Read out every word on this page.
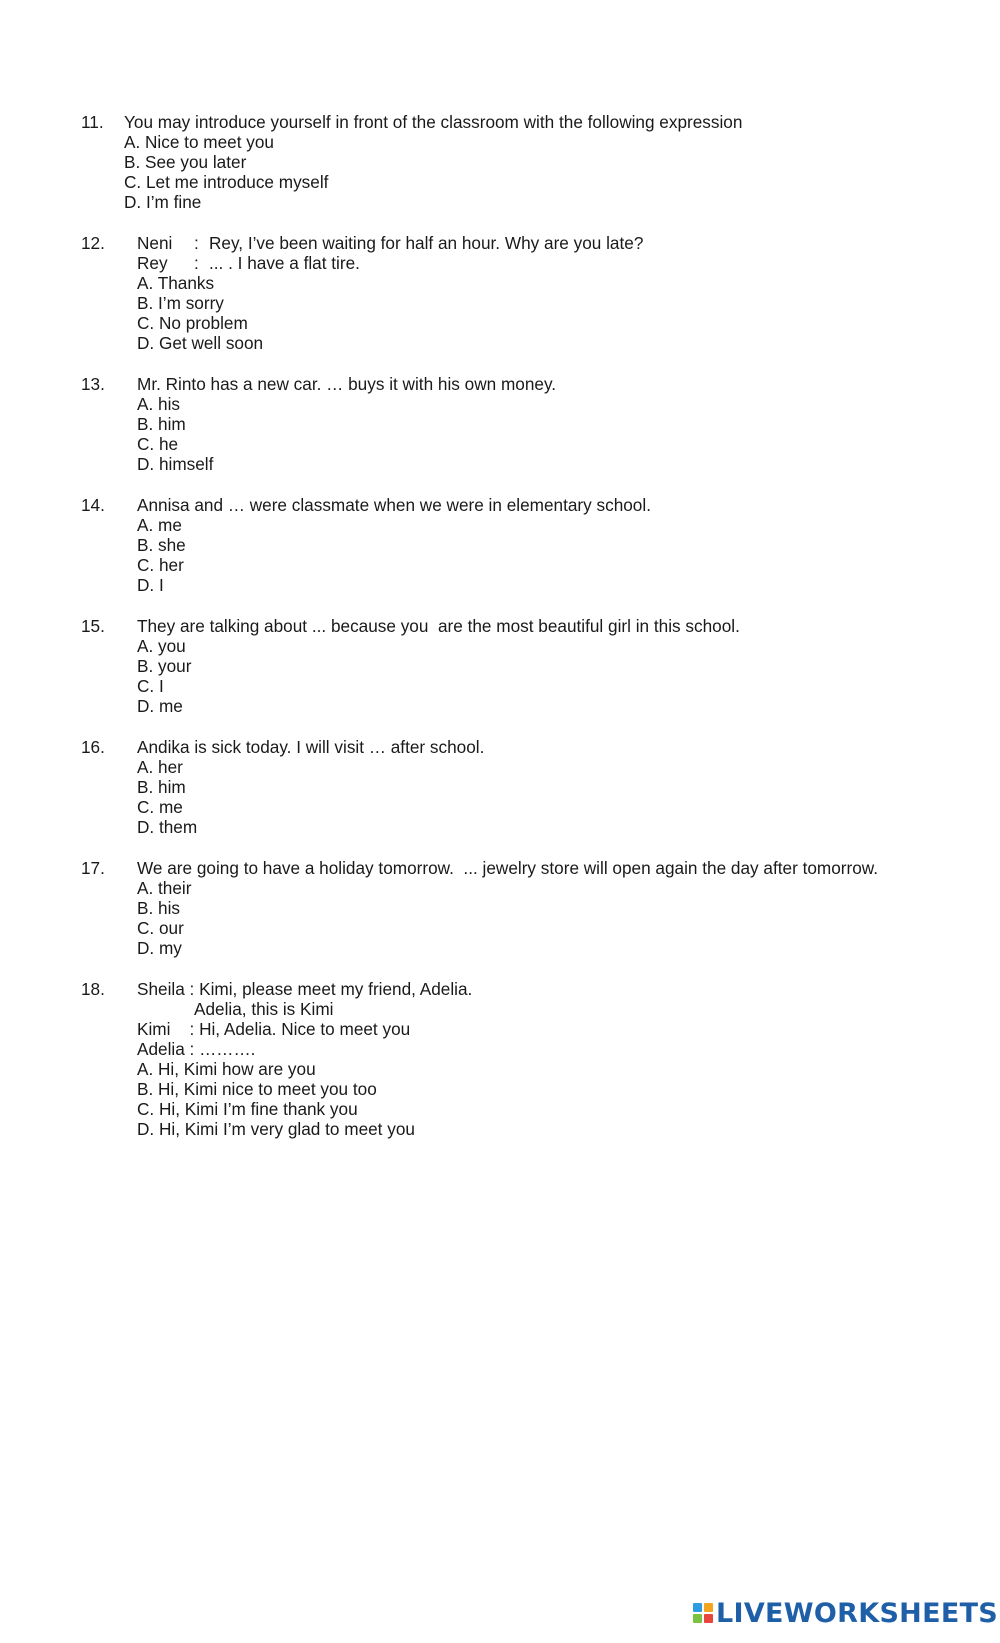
11. You may introduce yourself in front of the classroom with the following expression
A. Nice to meet you
B. See you later
C. Let me introduce myself
D. I’m fine
12. Neni : Rey, I’ve been waiting for half an hour. Why are you late?
Rey : ... . I have a flat tire.
A. Thanks
B. I’m sorry
C. No problem
D. Get well soon
13. Mr. Rinto has a new car. … buys it with his own money.
A. his
B. him
C. he
D. himself
14. Annisa and … were classmate when we were in elementary school.
A. me
B. she
C. her
D. I
15. They are talking about ... because you  are the most beautiful girl in this school.
A. you
B. your
C. I
D. me
16. Andika is sick today. I will visit … after school.
A. her
B. him
C. me
D. them
17. We are going to have a holiday tomorrow.  ... jewelry store will open again the day after tomorrow.
A. their
B. his
C. our
D. my
18. Sheila : Kimi, please meet my friend, Adelia.
Adelia, this is Kimi
Kimi    : Hi, Adelia. Nice to meet you
Adelia : ……….
A. Hi, Kimi how are you
B. Hi, Kimi nice to meet you too
C. Hi, Kimi I’m fine thank you
D. Hi, Kimi I’m very glad to meet you
LIVEWORKSHEETS
